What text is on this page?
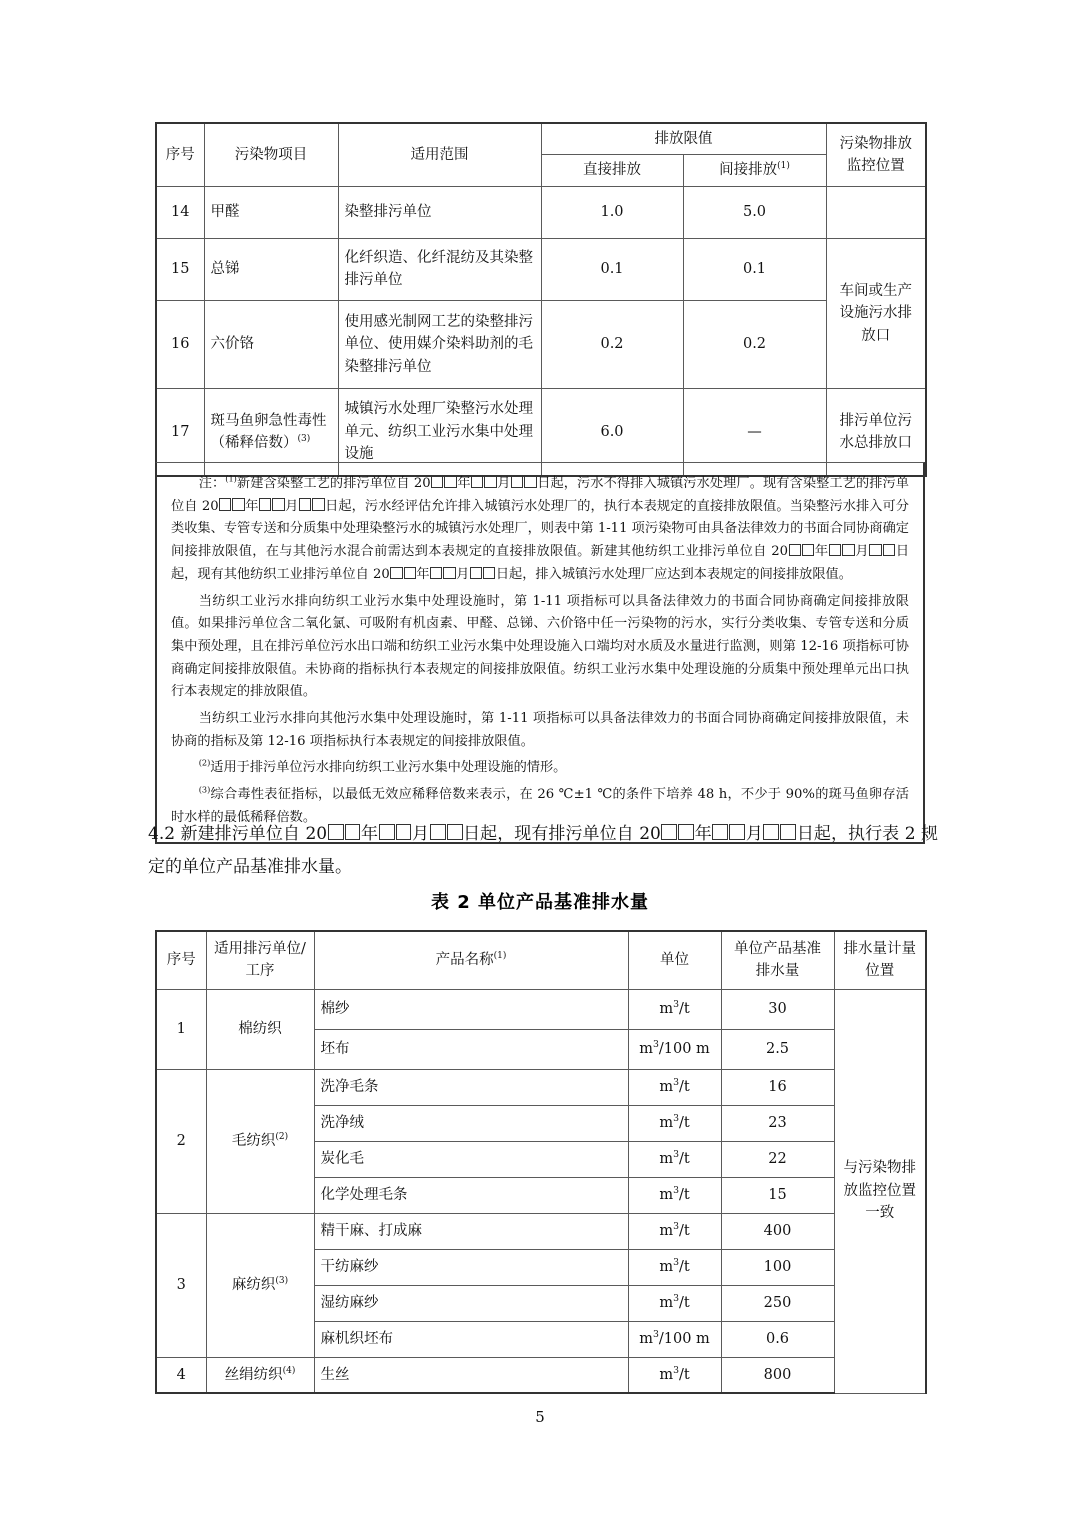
序号	污染物项目	适用范围	排放限值		污染物排放监控位置
			直接排放	间接排放$^{(1)}$
14	甲醛	染整排污单位	1.0	5.0	
15	总锑	化纤织造、化纤混纺及其染整排污单位	0.1	0.1	车间或生产设施污水排放口
16	六价铬	使用感光制网工艺的染整排污单位、使用媒介染料助剂的毛染整排污单位	0.2	0.2	
17	斑马鱼卵急性毒性（稀释倍数）$^{(3)}$	城镇污水处理厂染整污水处理单元、纺织工业污水集中处理设施	6.0	—	排污单位污水总排放口

注：$^{(1)}$新建含染整工艺的排污单位自 20 年 月 日起，污水不得排入城镇污水处理厂。现有含染整工艺的排污单位自 20 年 月 日起，污水经评估允许排入城镇污水处理厂的，执行本表规定的直接排放限值。当染整污水排入可分类收集、专管专送和分质集中处理染整污水的城镇污水处理厂，则表中第 1-11 项污染物可由具备法律效力的书面合同协商确定间接排放限值，在与其他污水混合前需达到本表规定的直接排放限值。新建其他纺织工业排污单位自 20 年 月 日起，现有其他纺织工业排污单位自 20 年 月 日起，排入城镇污水处理厂应达到本表规定的间接排放限值。

当纺织工业污水排向纺织工业污水集中处理设施时，第 1-11 项指标可以具备法律效力的书面合同协商确定间接排放限值。如果排污单位含二氧化氯、可吸附有机卤素、甲醛、总锑、六价铬中任一污染物的污水，实行分类收集、专管专送和分质集中预处理，且在排污单位污水出口端和纺织工业污水集中处理设施入口端均对水质及水量进行监测，则第 12-16 项指标可协商确定间接排放限值。未协商的指标执行本表规定的间接排放限值。纺织工业污水集中处理设施的分质集中预处理单元出口执行本表规定的排放限值。

当纺织工业污水排向其他污水集中处理设施时，第 1-11 项指标可以具备法律效力的书面合同协商确定间接排放限值，未协商的指标及第 12-16 项指标执行本表规定的间接排放限值。

$^{(2)}$适用于排污单位污水排向纺织工业污水集中处理设施的情形。

$^{(3)}$综合毒性表征指标，以最低无效应稀释倍数来表示，在 26 ℃±1 ℃的条件下培养 48 h，不少于 90%的斑马鱼卵存活时水样的最低稀释倍数。

4.2 新建排污单位自 20 年 月 日起，现有排污单位自 20 年 月 日起，执行表 2 规定的单位产品基准排水量。
表 2 单位产品基准排水量
序号	适用排污单位/工序	产品名称$^{(1)}$	单位	单位产品基准排水量	排水量计量位置
1	棉纺织	棉纱	$m^3/t$	30	与污染物排放监控位置一致
		坯布	$m^3/100$ m	2.5	
2	毛纺织$^{(2)}$	洗净毛条	$m^3/t$	16	
		洗净绒	$m^3/t$	23	
		炭化毛	$m^3/t$	22	
		化学处理毛条	$m^3/t$	15	
3	麻纺织$^{(3)}$	精干麻、打成麻	$m^3/t$	400	
		干纺麻纱	$m^3/t$	100	
		湿纺麻纱	$m^3/t$	250	
		麻机织坯布	$m^3/100$ m	0.6	
4	丝绢纺织$^{(4)}$	生丝	$m^3/t$	800	
5
